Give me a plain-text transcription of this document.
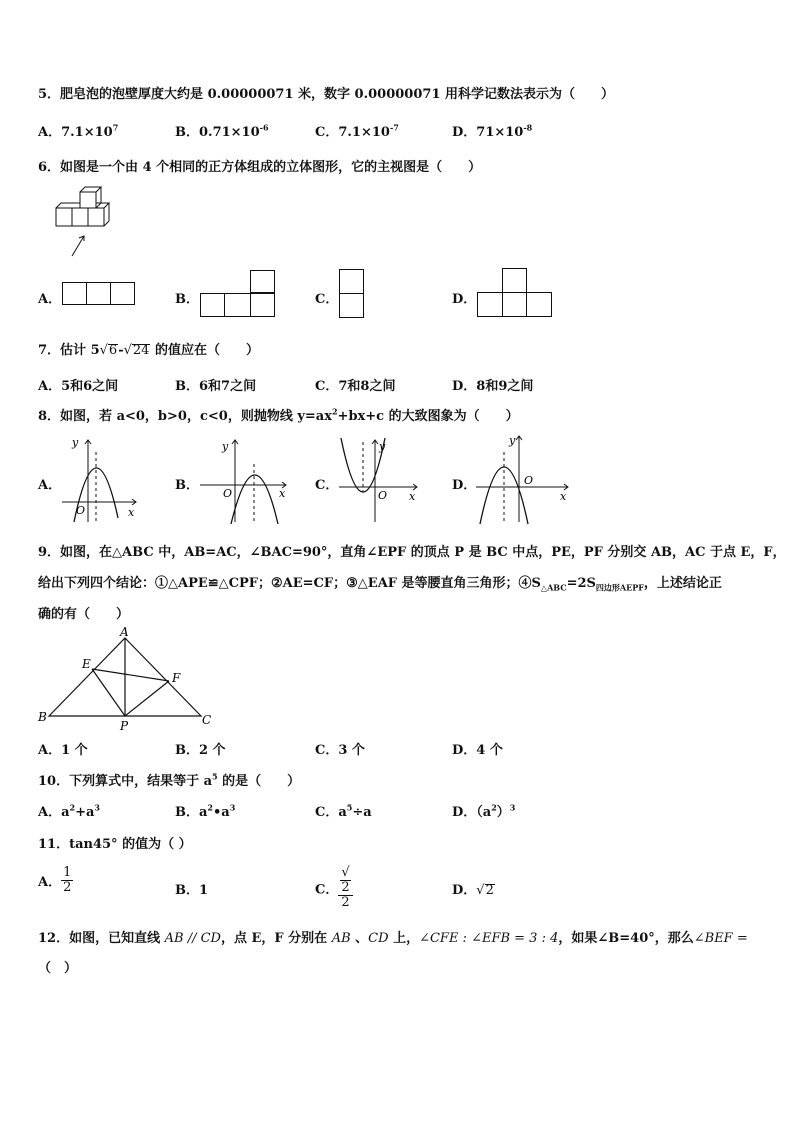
5．肥皂泡的泡壁厚度大约是 0.00000071 米，数字 0.00000071 用科学记数法表示为（　　）
A．$7.1\times 10^7$	B．$0.71\times 10^{-6}$	C．$7.1\times 10^{-7}$	D．$71\times 10^{-8}$
6．如图是一个由 4 个相同的正方体组成的立体图形，它的主视图是（　　）
A．	B．	C．	D．
7．估计 5√6-√24 的值应在（　　）
A．5和6之间	B．6和7之间	C．7和8之间	D．8和9之间
8．如图，若 a<0，b>0，c<0，则抛物线 $y=ax^2+bx+c$ 的大致图象为（　　）
A．
y
O	x
B．
y
O	x
C．
y
O x
D．
y
O
x
9．如图，在△ABC 中，AB=AC，∠BAC=90°，直角∠EPF 的顶点 P 是 BC 中点，PE，PF 分别交 AB，AC 于点 E，F，
给出下列四个结论：①△APE≌△CPF；②AE=CF；③△EAF 是等腰直角三角形；$④S_{\triangle ABC}=2S_{四边形AEPF}$，上述结论正
确的有（　　）
A
E
F
B	C
P
A．1 个	B．2 个	C．3 个	D．4 个
10．下列算式中，结果等于 $a^5$ 的是（　　）
A．$a^2+a^3$	B．$a^2•a^3$	C．$a^5\div a$	D．$(a^2)^3$
11．tan45° 的值为（ ）
A． $\frac{1}{2}$	B．1	C． √
2
2	D．√2
12．如图，已知直线 AB // CD，点 E，F 分别在 AB 、CD 上，∠CFE : ∠EFB = 3 : 4，如果∠B=40°，那么∠BEF =
（　）
